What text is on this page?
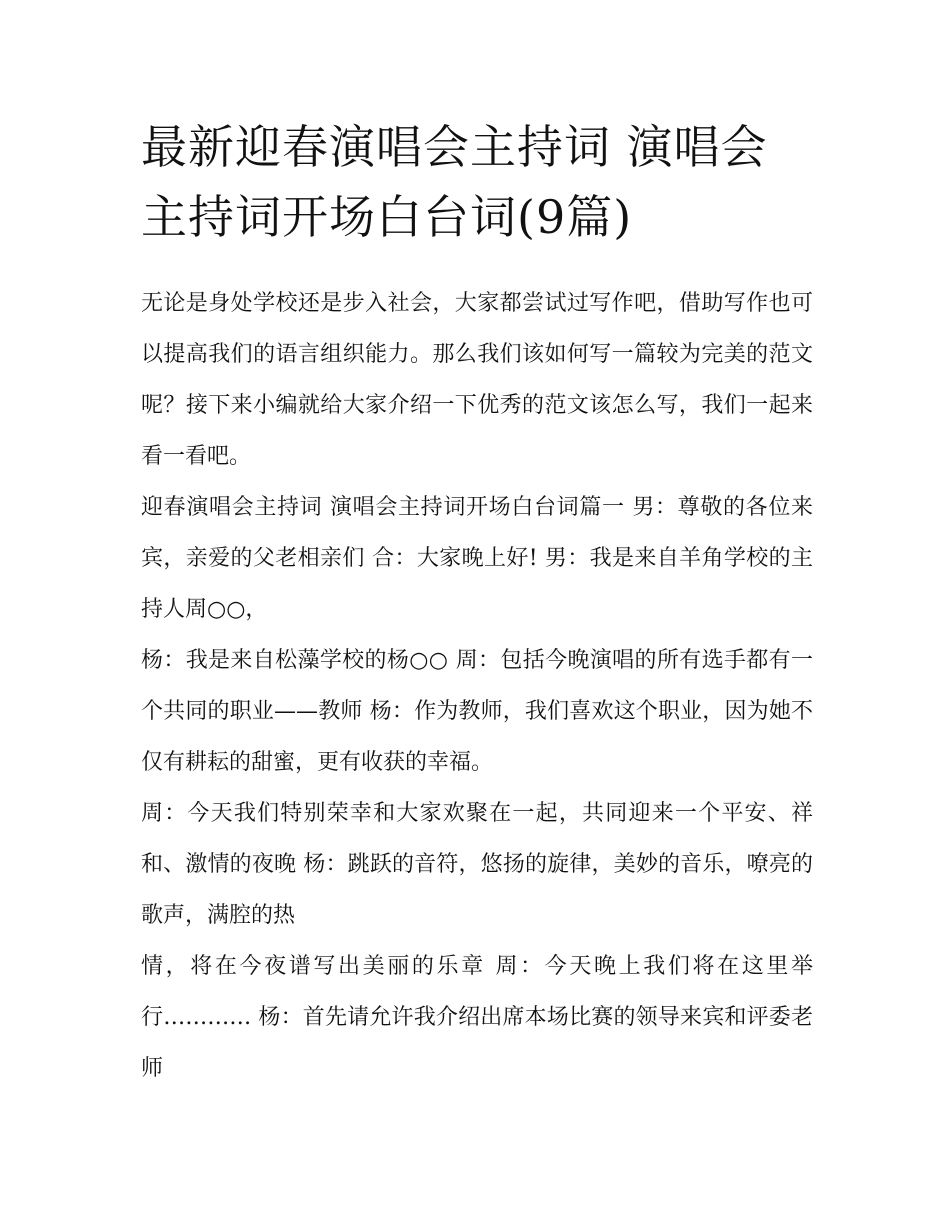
最新迎春演唱会主持词 演唱会主持词开场白台词(9篇)

无论是身处学校还是步入社会，大家都尝试过写作吧，借助写作也可以提高我们的语言组织能力。那么我们该如何写一篇较为完美的范文呢？接下来小编就给大家介绍一下优秀的范文该怎么写，我们一起来看一看吧。

迎春演唱会主持词 演唱会主持词开场白台词篇一 男：尊敬的各位来宾，亲爱的父老相亲们 合：大家晚上好! 男：我是来自羊角学校的主持人周○○，

杨：我是来自松藻学校的杨○○ 周：包括今晚演唱的所有选手都有一个共同的职业——教师 杨：作为教师，我们喜欢这个职业，因为她不仅有耕耘的甜蜜，更有收获的幸福。

周：今天我们特别荣幸和大家欢聚在一起，共同迎来一个平安、祥和、激情的夜晚 杨：跳跃的音符，悠扬的旋律，美妙的音乐，嘹亮的歌声，满腔的热

情，将在今夜谱写出美丽的乐章 周：今天晚上我们将在这里举行………… 杨：首先请允许我介绍出席本场比赛的领导来宾和评委老师
